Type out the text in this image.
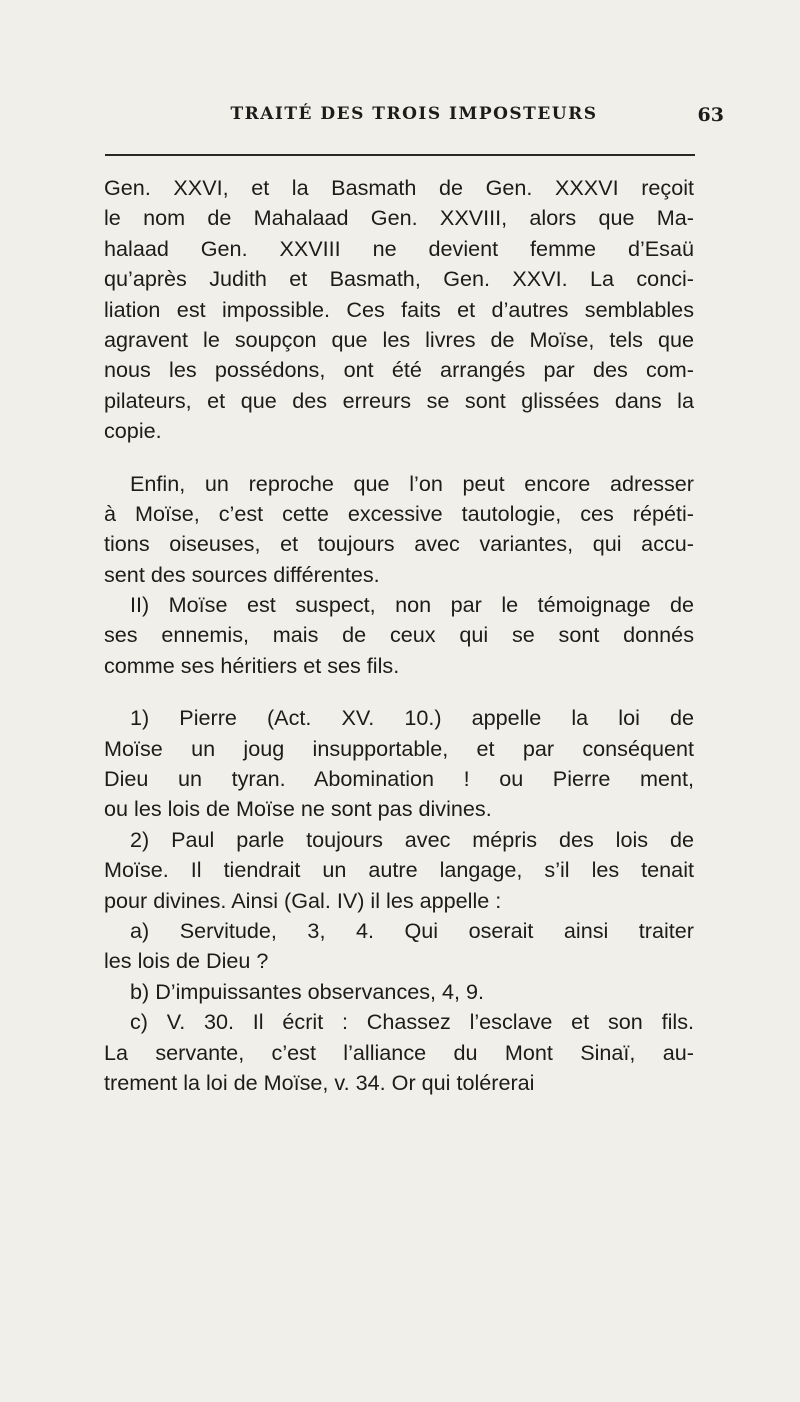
TRAITÉ DES TROIS IMPOSTEURS	63
Gen. XXVI, et la Basmath de Gen. XXXVI reçoit
le nom de Mahalaad Gen. XXVIII, alors que Ma-
halaad Gen. XXVIII ne devient femme d’Esaü
qu’après Judith et Basmath, Gen. XXVI. La conci-
liation est impossible. Ces faits et d’autres semblables
agravent le soupçon que les livres de Moïse, tels que
nous les possédons, ont été arrangés par des com-
pilateurs, et que des erreurs se sont glissées dans la
copie.
Enfin, un reproche que l’on peut encore adresser
à Moïse, c’est cette excessive tautologie, ces répéti-
tions oiseuses, et toujours avec variantes, qui accu-
sent des sources différentes.
II) Moïse est suspect, non par le témoignage de
ses ennemis, mais de ceux qui se sont donnés
comme ses héritiers et ses fils.
1) Pierre (Act. XV. 10.) appelle la loi de
Moïse un joug insupportable, et par conséquent
Dieu un tyran. Abomination ! ou Pierre ment,
ou les lois de Moïse ne sont pas divines.
2) Paul parle toujours avec mépris des lois de
Moïse. Il tiendrait un autre langage, s’il les tenait
pour divines. Ainsi (Gal. IV) il les appelle :
a) Servitude, 3, 4. Qui oserait ainsi traiter
les lois de Dieu ?
b) D’impuissantes observances, 4, 9.
c) V. 30. Il écrit : Chassez l’esclave et son fils.
La servante, c’est l’alliance du Mont Sinaï, au-
trement la loi de Moïse, v. 34. Or qui tolérerai
